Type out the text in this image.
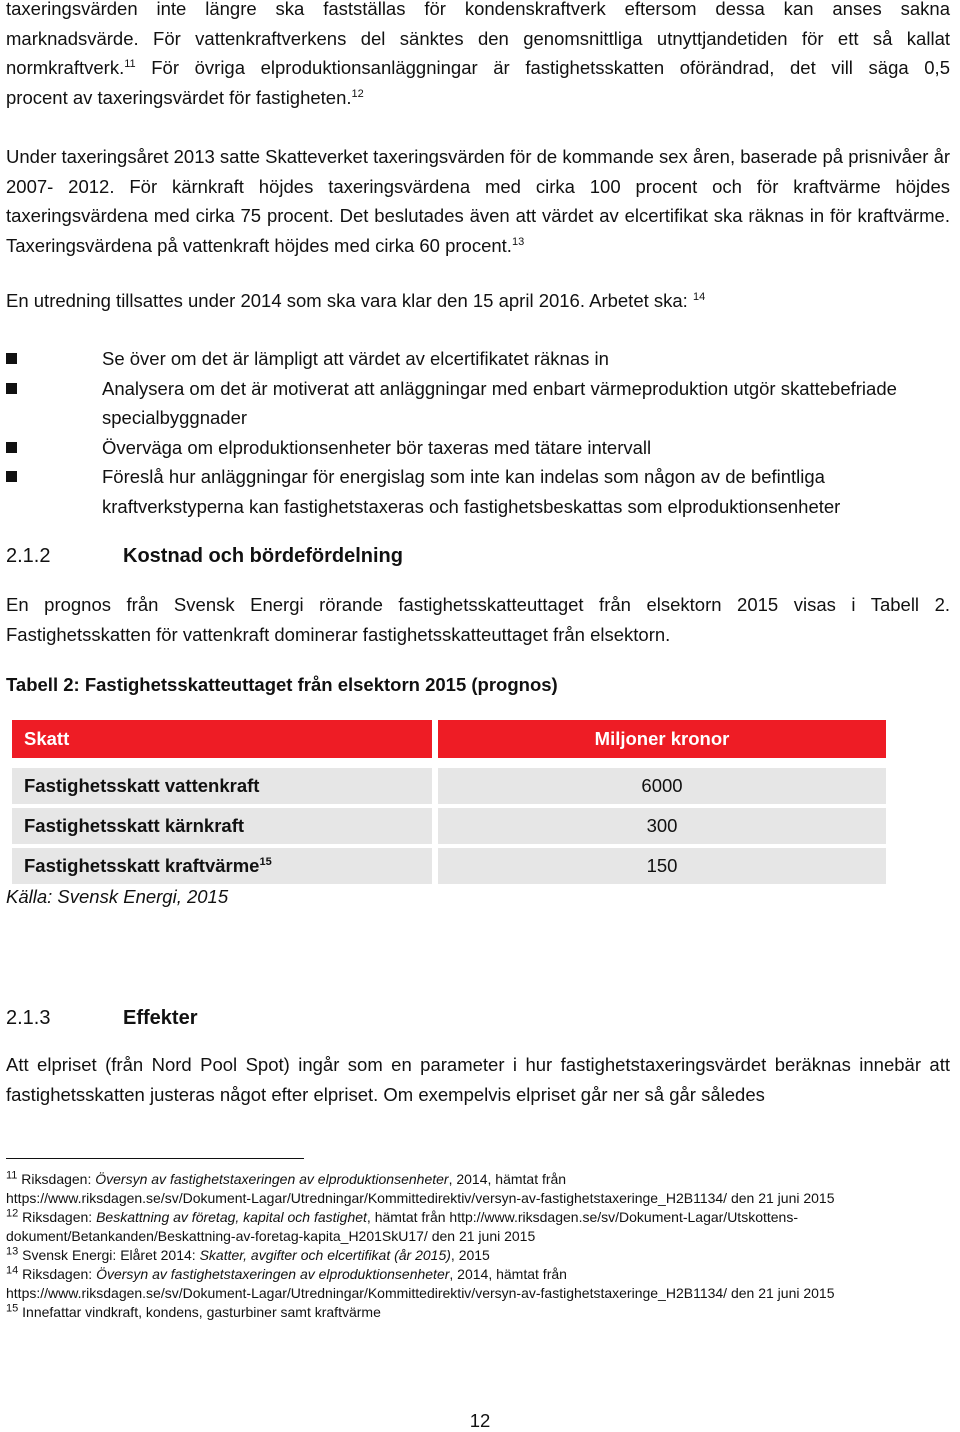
taxeringsvärden inte längre ska fastställas för kondenskraftverk eftersom dessa kan anses sakna

marknadsvärde. För vattenkraftverkens del sänktes den genomsnittliga utnyttjandetiden för ett så kallat

normkraftverk.$^{11}$ För övriga elproduktionsanläggningar är fastighetsskatten oförändrad, det vill säga 0,5

procent av taxeringsvärdet för fastigheten.$^{12}$

Under taxeringsåret 2013 satte Skatteverket taxeringsvärden för de kommande sex åren, baserade på prisnivåer år 2007- 2012. För kärnkraft höjdes taxeringsvärdena med cirka 100 procent och för kraftvärme höjdes taxeringsvärdena med cirka 75 procent. Det beslutades även att värdet av elcertifikat ska räknas in för kraftvärme. Taxeringsvärdena på vattenkraft höjdes med cirka 60 procent.$^{13}$

En utredning tillsattes under 2014 som ska vara klar den 15 april 2016. Arbetet ska: $^{14}$

Se över om det är lämpligt att värdet av elcertifikatet räknas in
Analysera om det är motiverat att anläggningar med enbart värmeproduktion utgör skattebefriade specialbyggnader
Överväga om elproduktionsenheter bör taxeras med tätare intervall
Föreslå hur anläggningar för energislag som inte kan indelas som någon av de befintliga kraftverkstyperna kan fastighetstaxeras och fastighetsbeskattas som elproduktionsenheter
2.1.2	Kostnad och bördefördelning

En prognos från Svensk Energi rörande fastighetsskatteuttaget från elsektorn 2015 visas i Tabell 2. Fastighetsskatten för vattenkraft dominerar fastighetsskatteuttaget från elsektorn.

Tabell 2: Fastighetsskatteuttaget från elsektorn 2015 (prognos)
Skatt	Miljoner kronor
Fastighetsskatt vattenkraft	6000
Fastighetsskatt kärnkraft	300
Fastighetsskatt kraftvärme$^{15}$	150
Källa: Svensk Energi, 2015
2.1.3	Effekter

Att elpriset (från Nord Pool Spot) ingår som en parameter i hur fastighetstaxeringsvärdet beräknas innebär att fastighetsskatten justeras något efter elpriset. Om exempelvis elpriset går ner så går således

$^{11}$ Riksdagen: Översyn av fastighetstaxeringen av elproduktionsenheter, 2014, hämtat från
https://www.riksdagen.se/sv/Dokument-Lagar/Utredningar/Kommittedirektiv/versyn-av-fastighetstaxeringe_H2B1134/ den 21 juni 2015

$^{12}$ Riksdagen: Beskattning av företag, kapital och fastighet, hämtat från http://www.riksdagen.se/sv/Dokument-Lagar/Utskottens-dokument/Betankanden/Beskattning-av-foretag-kapita_H201SkU17/ den 21 juni 2015

$^{13}$ Svensk Energi: Elåret 2014: Skatter, avgifter och elcertifikat (år 2015), 2015

$^{14}$ Riksdagen: Översyn av fastighetstaxeringen av elproduktionsenheter, 2014, hämtat från
https://www.riksdagen.se/sv/Dokument-Lagar/Utredningar/Kommittedirektiv/versyn-av-fastighetstaxeringe_H2B1134/ den 21 juni 2015

$^{15}$ Innefattar vindkraft, kondens, gasturbiner samt kraftvärme

12
